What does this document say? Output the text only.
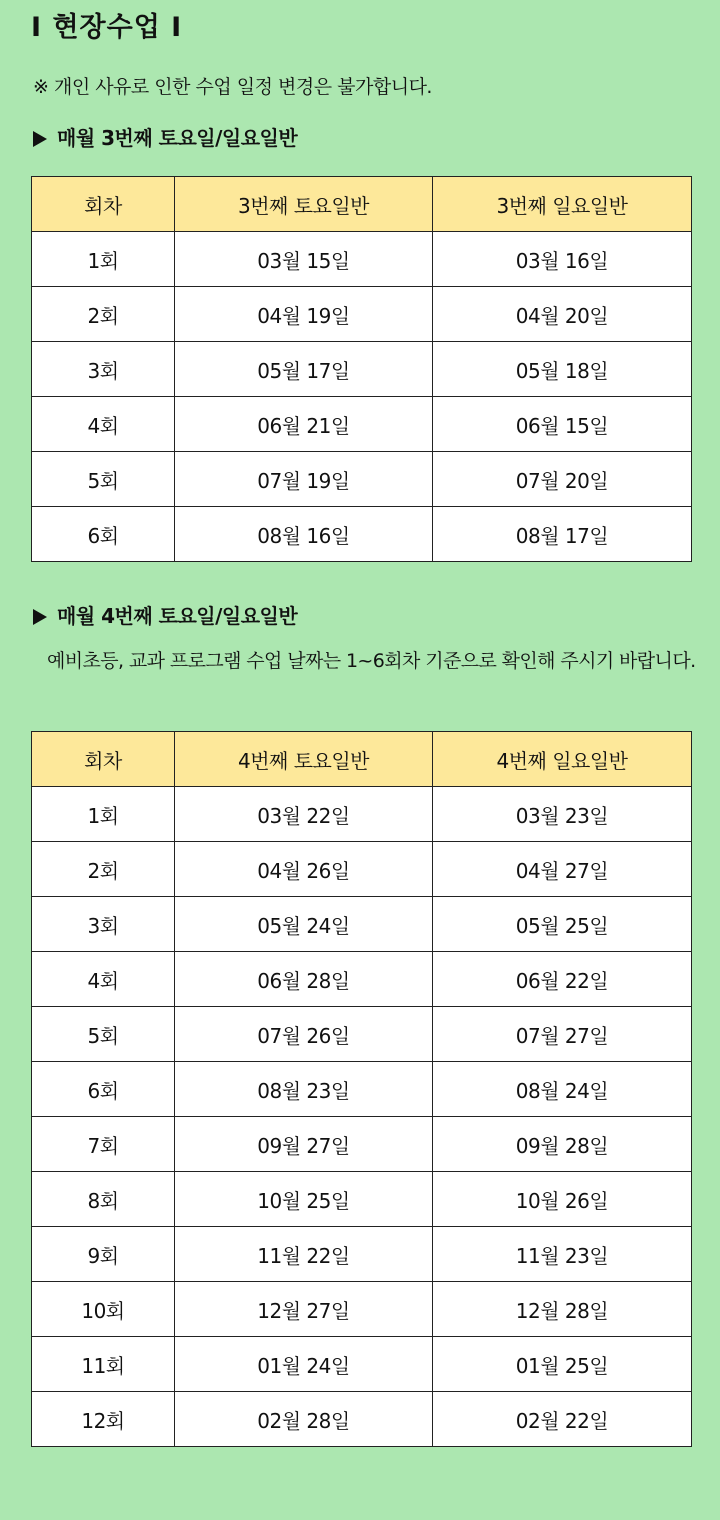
I 현장수업 I
※ 개인 사유로 인한 수업 일정 변경은 불가합니다.
매월 3번째 토요일/일요일반
회차	3번째 토요일반	3번째 일요일반
1회	03월 15일	03월 16일
2회	04월 19일	04월 20일
3회	05월 17일	05월 18일
4회	06월 21일	06월 15일
5회	07월 19일	07월 20일
6회	08월 16일	08월 17일
매월 4번째 토요일/일요일반
예비초등, 교과 프로그램 수업 날짜는 1~6회차 기준으로 확인해 주시기 바랍니다.
회차	4번째 토요일반	4번째 일요일반
1회	03월 22일	03월 23일
2회	04월 26일	04월 27일
3회	05월 24일	05월 25일
4회	06월 28일	06월 22일
5회	07월 26일	07월 27일
6회	08월 23일	08월 24일
7회	09월 27일	09월 28일
8회	10월 25일	10월 26일
9회	11월 22일	11월 23일
10회	12월 27일	12월 28일
11회	01월 24일	01월 25일
12회	02월 28일	02월 22일
